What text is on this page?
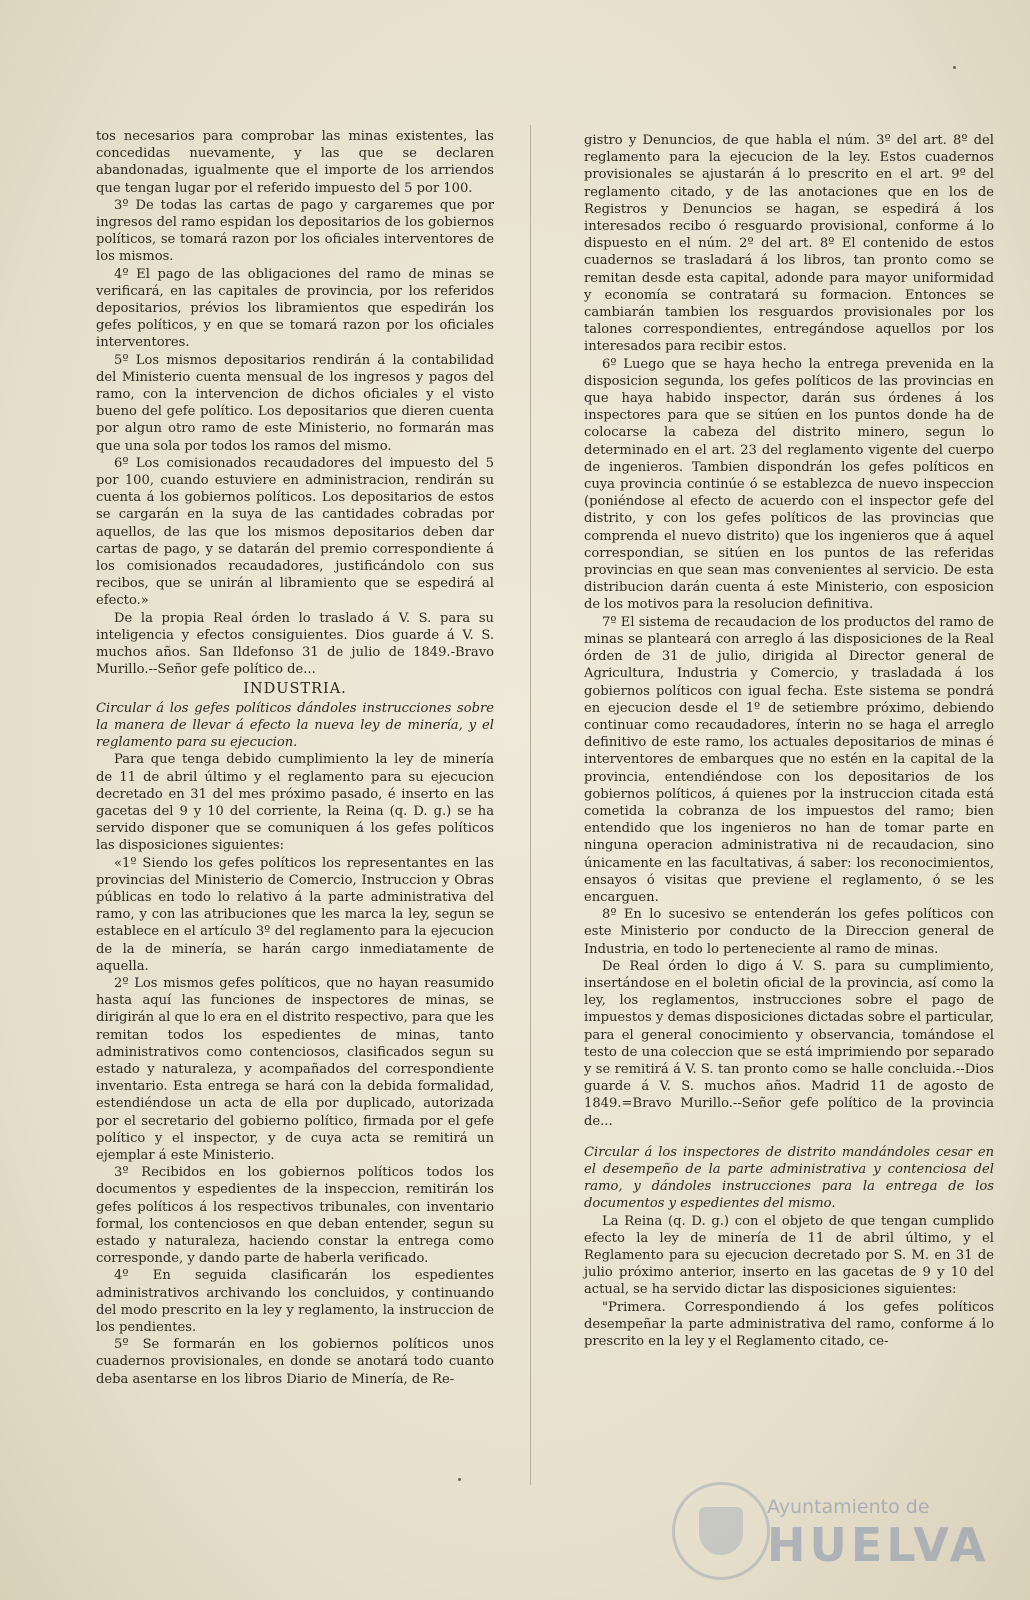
tos necesarios para comprobar las minas existentes, las concedidas nuevamente, y las que se declaren abandonadas, igualmente que el importe de los arriendos que tengan lugar por el referido impuesto del 5 por 100.

3º De todas las cartas de pago y cargaremes que por ingresos del ramo espidan los depositarios de los gobiernos políticos, se tomará razon por los oficiales interventores de los mismos.

4º El pago de las obligaciones del ramo de minas se verificará, en las capitales de provincia, por los referidos depositarios, prévios los libramientos que espedirán los gefes políticos, y en que se tomará razon por los oficiales interventores.

5º Los mismos depositarios rendirán á la contabilidad del Ministerio cuenta mensual de los ingresos y pagos del ramo, con la intervencion de dichos oficiales y el visto bueno del gefe político. Los depositarios que dieren cuenta por algun otro ramo de este Ministerio, no formarán mas que una sola por todos los ramos del mismo.

6º Los comisionados recaudadores del impuesto del 5 por 100, cuando estuviere en administracion, rendirán su cuenta á los gobiernos políticos. Los depositarios de estos se cargarán en la suya de las cantidades cobradas por aquellos, de las que los mismos depositarios deben dar cartas de pago, y se datarán del premio correspondiente á los comisionados recaudadores, justificándolo con sus recibos, que se unirán al libramiento que se espedirá al efecto.»

De la propia Real órden lo traslado á V. S. para su inteligencia y efectos consiguientes. Dios guarde á V. S. muchos años. San Ildefonso 31 de julio de 1849.-Bravo Murillo.--Señor gefe político de...

INDUSTRIA.

Circular á los gefes políticos dándoles instrucciones sobre la manera de llevar á efecto la nueva ley de minería, y el reglamento para su ejecucion.

Para que tenga debido cumplimiento la ley de minería de 11 de abril último y el reglamento para su ejecucion decretado en 31 del mes próximo pasado, é inserto en las gacetas del 9 y 10 del corriente, la Reina (q. D. g.) se ha servido disponer que se comuniquen á los gefes políticos las disposiciones siguientes:

«1º Siendo los gefes políticos los representantes en las provincias del Ministerio de Comercio, Instruccion y Obras públicas en todo lo relativo á la parte administrativa del ramo, y con las atribuciones que les marca la ley, segun se establece en el artículo 3º del reglamento para la ejecucion de la de minería, se harán cargo inmediatamente de aquella.

2º Los mismos gefes políticos, que no hayan reasumido hasta aquí las funciones de inspectores de minas, se dirigirán al que lo era en el distrito respectivo, para que les remitan todos los espedientes de minas, tanto administrativos como contenciosos, clasificados segun su estado y naturaleza, y acompañados del correspondiente inventario. Esta entrega se hará con la debida formalidad, estendiéndose un acta de ella por duplicado, autorizada por el secretario del gobierno político, firmada por el gefe político y el inspector, y de cuya acta se remitirá un ejemplar á este Ministerio.

3º Recibidos en los gobiernos políticos todos los documentos y espedientes de la inspeccion, remitirán los gefes políticos á los respectivos tribunales, con inventario formal, los contenciosos en que deban entender, segun su estado y naturaleza, haciendo constar la entrega como corresponde, y dando parte de haberla verificado.

4º En seguida clasificarán los espedientes administrativos archivando los concluidos, y continuando del modo prescrito en la ley y reglamento, la instruccion de los pendientes.

5º Se formarán en los gobiernos políticos unos cuadernos provisionales, en donde se anotará todo cuanto deba asentarse en los libros Diario de Minería, de Re-

gistro y Denuncios, de que habla el núm. 3º del art. 8º del reglamento para la ejecucion de la ley. Estos cuadernos provisionales se ajustarán á lo prescrito en el art. 9º del reglamento citado, y de las anotaciones que en los de Registros y Denuncios se hagan, se espedirá á los interesados recibo ó resguardo provisional, conforme á lo dispuesto en el núm. 2º del art. 8º El contenido de estos cuadernos se trasladará á los libros, tan pronto como se remitan desde esta capital, adonde para mayor uniformidad y economía se contratará su formacion. Entonces se cambiarán tambien los resguardos provisionales por los talones correspondientes, entregándose aquellos por los interesados para recibir estos.

6º Luego que se haya hecho la entrega prevenida en la disposicion segunda, los gefes políticos de las provincias en que haya habido inspector, darán sus órdenes á los inspectores para que se sitúen en los puntos donde ha de colocarse la cabeza del distrito minero, segun lo determinado en el art. 23 del reglamento vigente del cuerpo de ingenieros. Tambien dispondrán los gefes políticos en cuya provincia continúe ó se establezca de nuevo inspeccion (poniéndose al efecto de acuerdo con el inspector gefe del distrito, y con los gefes políticos de las provincias que comprenda el nuevo distrito) que los ingenieros que á aquel correspondian, se sitúen en los puntos de las referidas provincias en que sean mas convenientes al servicio. De esta distribucion darán cuenta á este Ministerio, con esposicion de los motivos para la resolucion definitiva.

7º El sistema de recaudacion de los productos del ramo de minas se planteará con arreglo á las disposiciones de la Real órden de 31 de julio, dirigida al Director general de Agricultura, Industria y Comercio, y trasladada á los gobiernos políticos con igual fecha. Este sistema se pondrá en ejecucion desde el 1º de setiembre próximo, debiendo continuar como recaudadores, ínterin no se haga el arreglo definitivo de este ramo, los actuales depositarios de minas é interventores de embarques que no estén en la capital de la provincia, entendiéndose con los depositarios de los gobiernos políticos, á quienes por la instruccion citada está cometida la cobranza de los impuestos del ramo; bien entendido que los ingenieros no han de tomar parte en ninguna operacion administrativa ni de recaudacion, sino únicamente en las facultativas, á saber: los reconocimientos, ensayos ó visitas que previene el reglamento, ó se les encarguen.

8º En lo sucesivo se entenderán los gefes políticos con este Ministerio por conducto de la Direccion general de Industria, en todo lo perteneciente al ramo de minas.

De Real órden lo digo á V. S. para su cumplimiento, insertándose en el boletin oficial de la provincia, así como la ley, los reglamentos, instrucciones sobre el pago de impuestos y demas disposiciones dictadas sobre el particular, para el general conocimiento y observancia, tomándose el testo de una coleccion que se está imprimiendo por separado y se remitirá á V. S. tan pronto como se halle concluida.--Dios guarde á V. S. muchos años. Madrid 11 de agosto de 1849.=Bravo Murillo.--Señor gefe político de la provincia de...

Circular á los inspectores de distrito mandándoles cesar en el desempeño de la parte administrativa y contenciosa del ramo, y dándoles instrucciones para la entrega de los documentos y espedientes del mismo.

La Reina (q. D. g.) con el objeto de que tengan cumplido efecto la ley de minería de 11 de abril último, y el Reglamento para su ejecucion decretado por S. M. en 31 de julio próximo anterior, inserto en las gacetas de 9 y 10 del actual, se ha servido dictar las disposiciones siguientes:

"Primera. Correspondiendo á los gefes políticos desempeñar la parte administrativa del ramo, conforme á lo prescrito en la ley y el Reglamento citado, ce-

Ayuntamiento de
HUELVA
